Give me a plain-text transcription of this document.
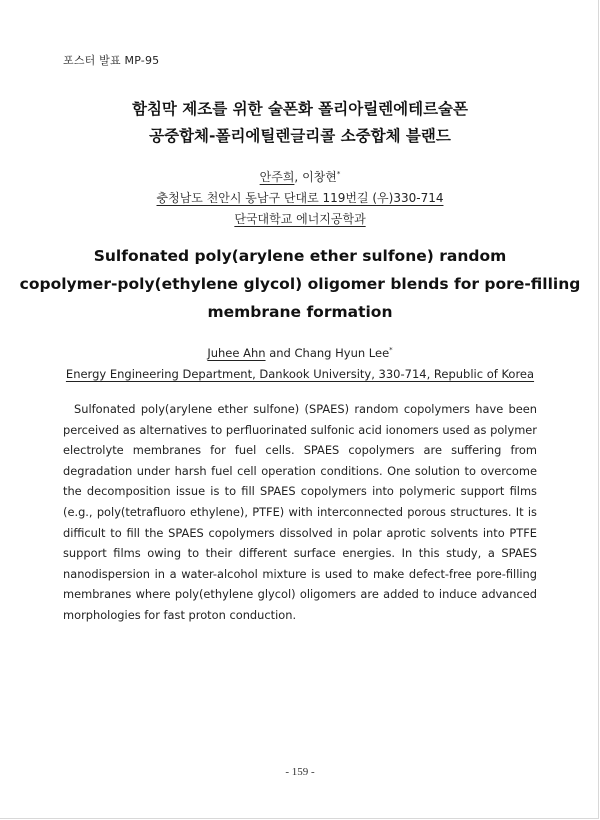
포스터 발표 MP-95
함침막 제조를 위한 술폰화 폴리아릴렌에테르술폰
공중합체-폴리에틸렌글리콜 소중합체 블랜드
안주희, 이창현*
충청남도 천안시 동남구 단대로 119번길 (우)330-714
단국대학교 에너지공학과
Sulfonated poly(arylene ether sulfone) random
copolymer-poly(ethylene glycol) oligomer blends for pore-filling
membrane formation
Juhee Ahn and Chang Hyun Lee*
Energy Engineering Department, Dankook University, 330-714, Republic of Korea
Sulfonated poly(arylene ether sulfone) (SPAES) random copolymers have been perceived as alternatives to perfluorinated sulfonic acid ionomers used as polymer electrolyte membranes for fuel cells. SPAES copolymers are suffering from degradation under harsh fuel cell operation conditions. One solution to overcome the decomposition issue is to fill SPAES copolymers into polymeric support films (e.g., poly(tetrafluoro ethylene), PTFE) with interconnected porous structures. It is difficult to fill the SPAES copolymers dissolved in polar aprotic solvents into PTFE support films owing to their different surface energies. In this study, a SPAES nanodispersion in a water-alcohol mixture is used to make defect-free pore-filling membranes where poly(ethylene glycol) oligomers are added to induce advanced morphologies for fast proton conduction.
- 159 -
